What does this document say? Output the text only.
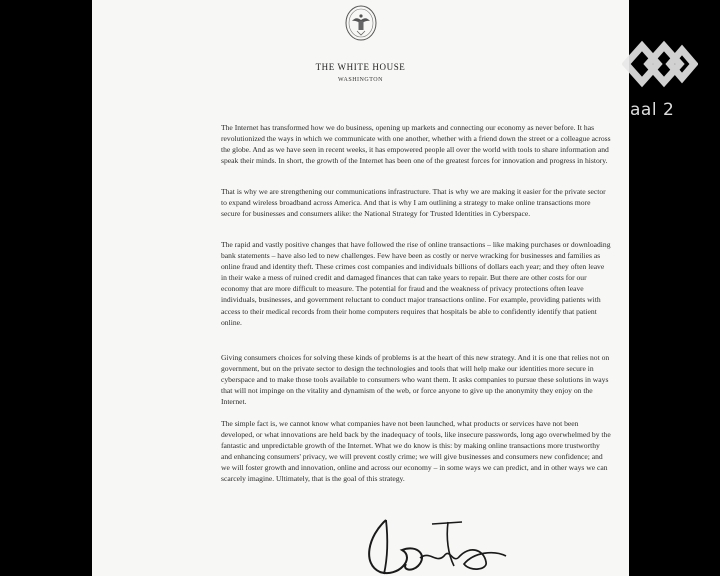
THE WHITE HOUSE
WASHINGTON

The Internet has transformed how we do business, opening up markets and connecting our economy as never before. It has revolutionized the ways in which we communicate with one another, whether with a friend down the street or a colleague across the globe. And as we have seen in recent weeks, it has empowered people all over the world with tools to share information and speak their minds. In short, the growth of the Internet has been one of the greatest forces for innovation and progress in history.

That is why we are strengthening our communications infrastructure. That is why we are making it easier for the private sector to expand wireless broadband across America. And that is why I am outlining a strategy to make online transactions more secure for businesses and consumers alike: the National Strategy for Trusted Identities in Cyberspace.

The rapid and vastly positive changes that have followed the rise of online transactions – like making purchases or downloading bank statements – have also led to new challenges. Few have been as costly or nerve wracking for businesses and families as online fraud and identity theft. These crimes cost companies and individuals billions of dollars each year; and they often leave in their wake a mess of ruined credit and damaged finances that can take years to repair. But there are other costs for our economy that are more difficult to measure. The potential for fraud and the weakness of privacy protections often leave individuals, businesses, and government reluctant to conduct major transactions online. For example, providing patients with access to their medical records from their home computers requires that hospitals be able to confidently identify that patient online.

Giving consumers choices for solving these kinds of problems is at the heart of this new strategy. And it is one that relies not on government, but on the private sector to design the technologies and tools that will help make our identities more secure in cyberspace and to make those tools available to consumers who want them. It asks companies to pursue these solutions in ways that will not impinge on the vitality and dynamism of the web, or force anyone to give up the anonymity they enjoy on the Internet.

The simple fact is, we cannot know what companies have not been launched, what products or services have not been developed, or what innovations are held back by the inadequacy of tools, like insecure passwords, long ago overwhelmed by the fantastic and unpredictable growth of the Internet. What we do know is this: by making online transactions more trustworthy and enhancing consumers' privacy, we will prevent costly crime; we will give businesses and consumers new confidence; and we will foster growth and innovation, online and across our economy – in some ways we can predict, and in other ways we can scarcely imagine. Ultimately, that is the goal of this strategy.

aal 2
